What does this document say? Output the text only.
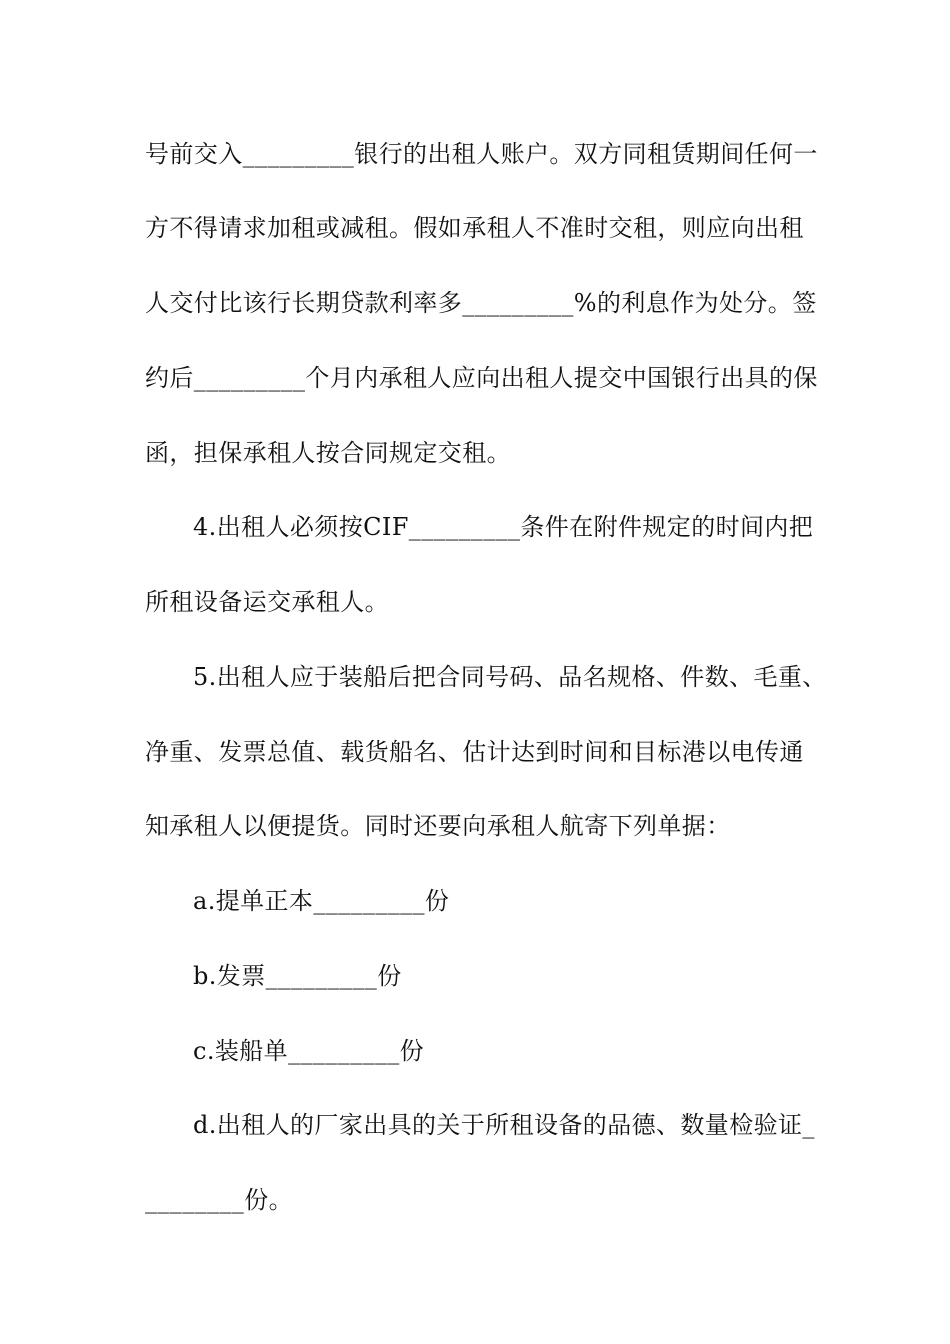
号前交入_________银行的出租人账户。双方同租赁期间任何一
方不得请求加租或减租。假如承租人不准时交租，则应向出租
人交付比该行长期贷款利率多_________%的利息作为处分。签
约后_________个月内承租人应向出租人提交中国银行出具的保
函，担保承租人按合同规定交租。
4.出租人必须按CIF_________条件在附件规定的时间内把
所租设备运交承租人。
5.出租人应于装船后把合同号码、品名规格、件数、毛重、
净重、发票总值、载货船名、估计达到时间和目标港以电传通
知承租人以便提货。同时还要向承租人航寄下列单据：
a.提单正本_________份
b.发票_________份
c.装船单_________份
d.出租人的厂家出具的关于所租设备的品德、数量检验证_
________份。
